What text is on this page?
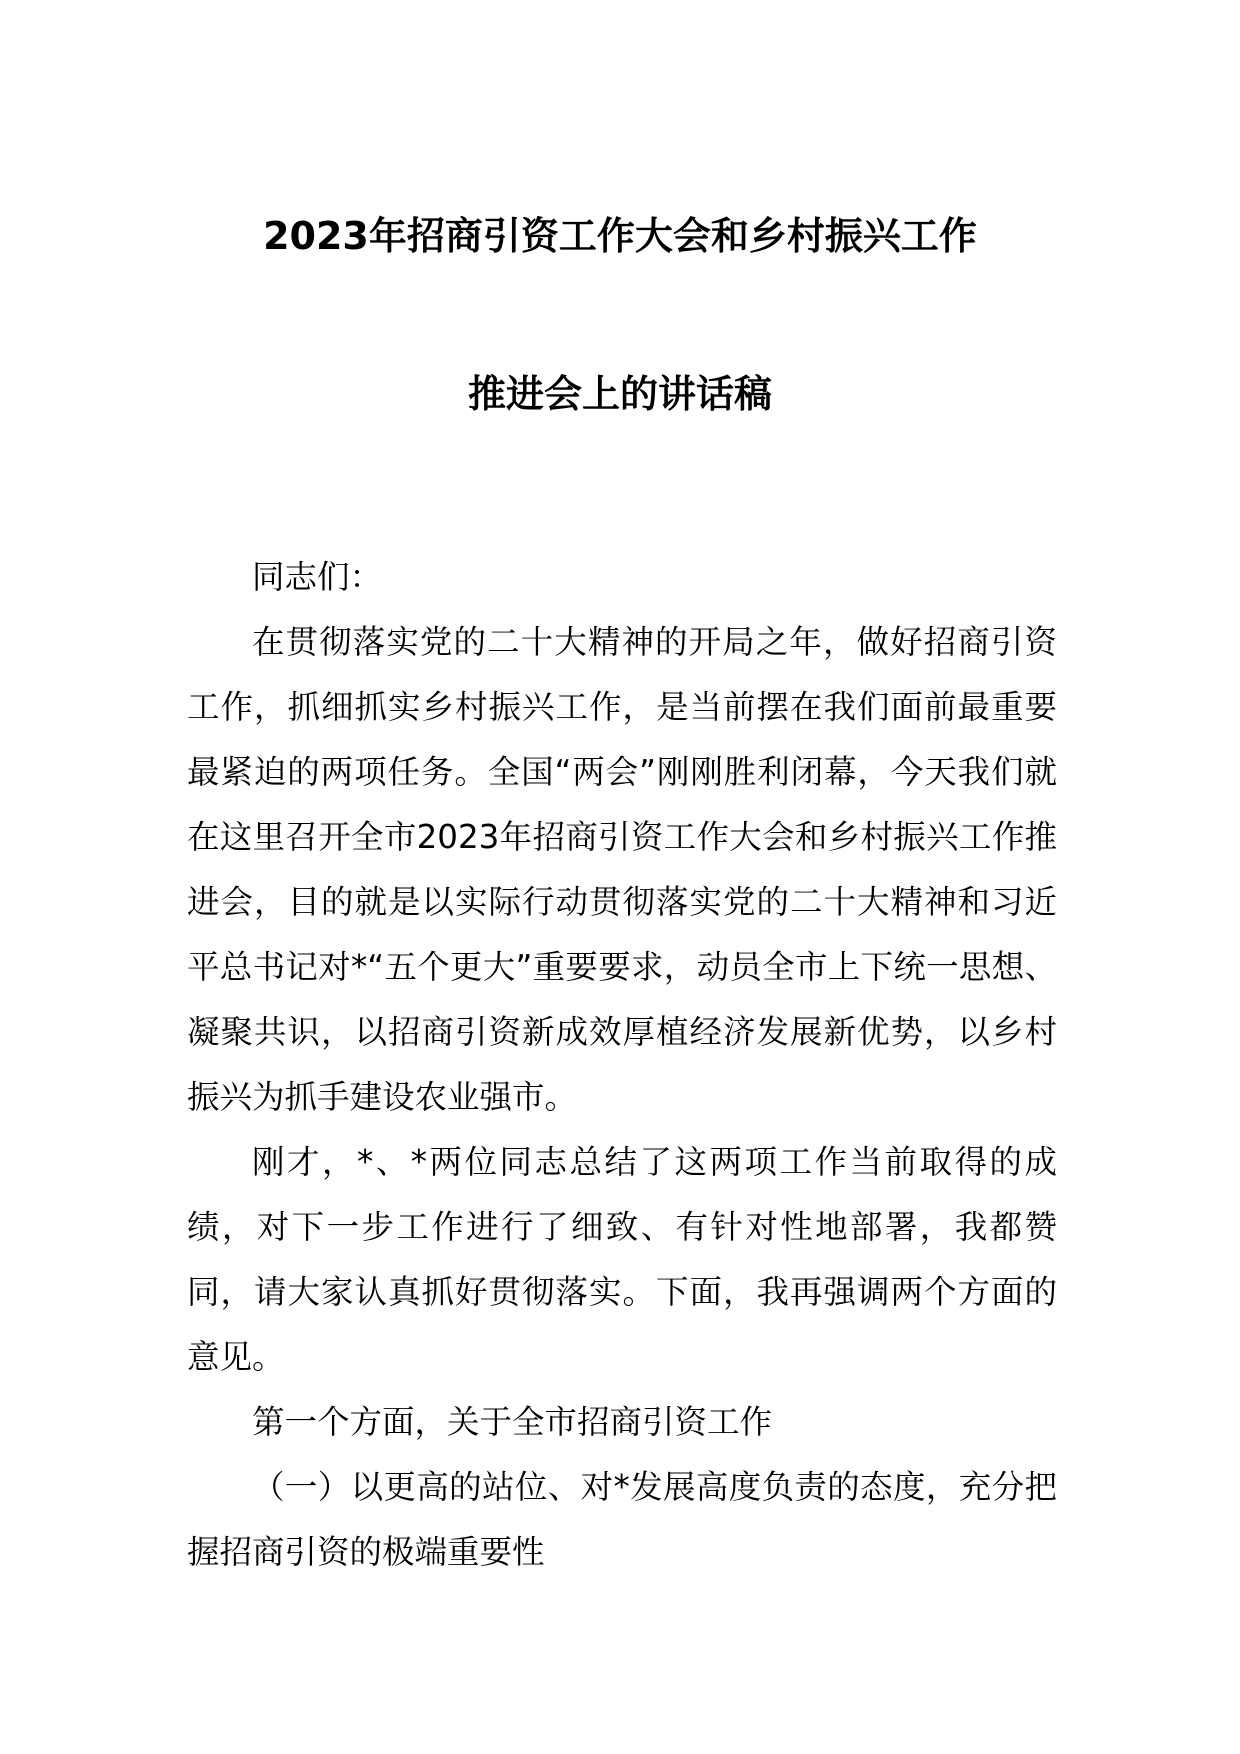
2023年招商引资工作大会和乡村振兴工作
推进会上的讲话稿

同志们：

在贯彻落实党的二十大精神的开局之年，做好招商引资工作，抓细抓实乡村振兴工作，是当前摆在我们面前最重要最紧迫的两项任务。全国“两会”刚刚胜利闭幕，今天我们就在这里召开全市2023年招商引资工作大会和乡村振兴工作推进会，目的就是以实际行动贯彻落实党的二十大精神和习近平总书记对*“五个更大”重要要求，动员全市上下统一思想、凝聚共识，以招商引资新成效厚植经济发展新优势，以乡村振兴为抓手建设农业强市。

刚才，*、*两位同志总结了这两项工作当前取得的成绩，对下一步工作进行了细致、有针对性地部署，我都赞同，请大家认真抓好贯彻落实。下面，我再强调两个方面的意见。

第一个方面，关于全市招商引资工作

（一）以更高的站位、对*发展高度负责的态度，充分把握招商引资的极端重要性
